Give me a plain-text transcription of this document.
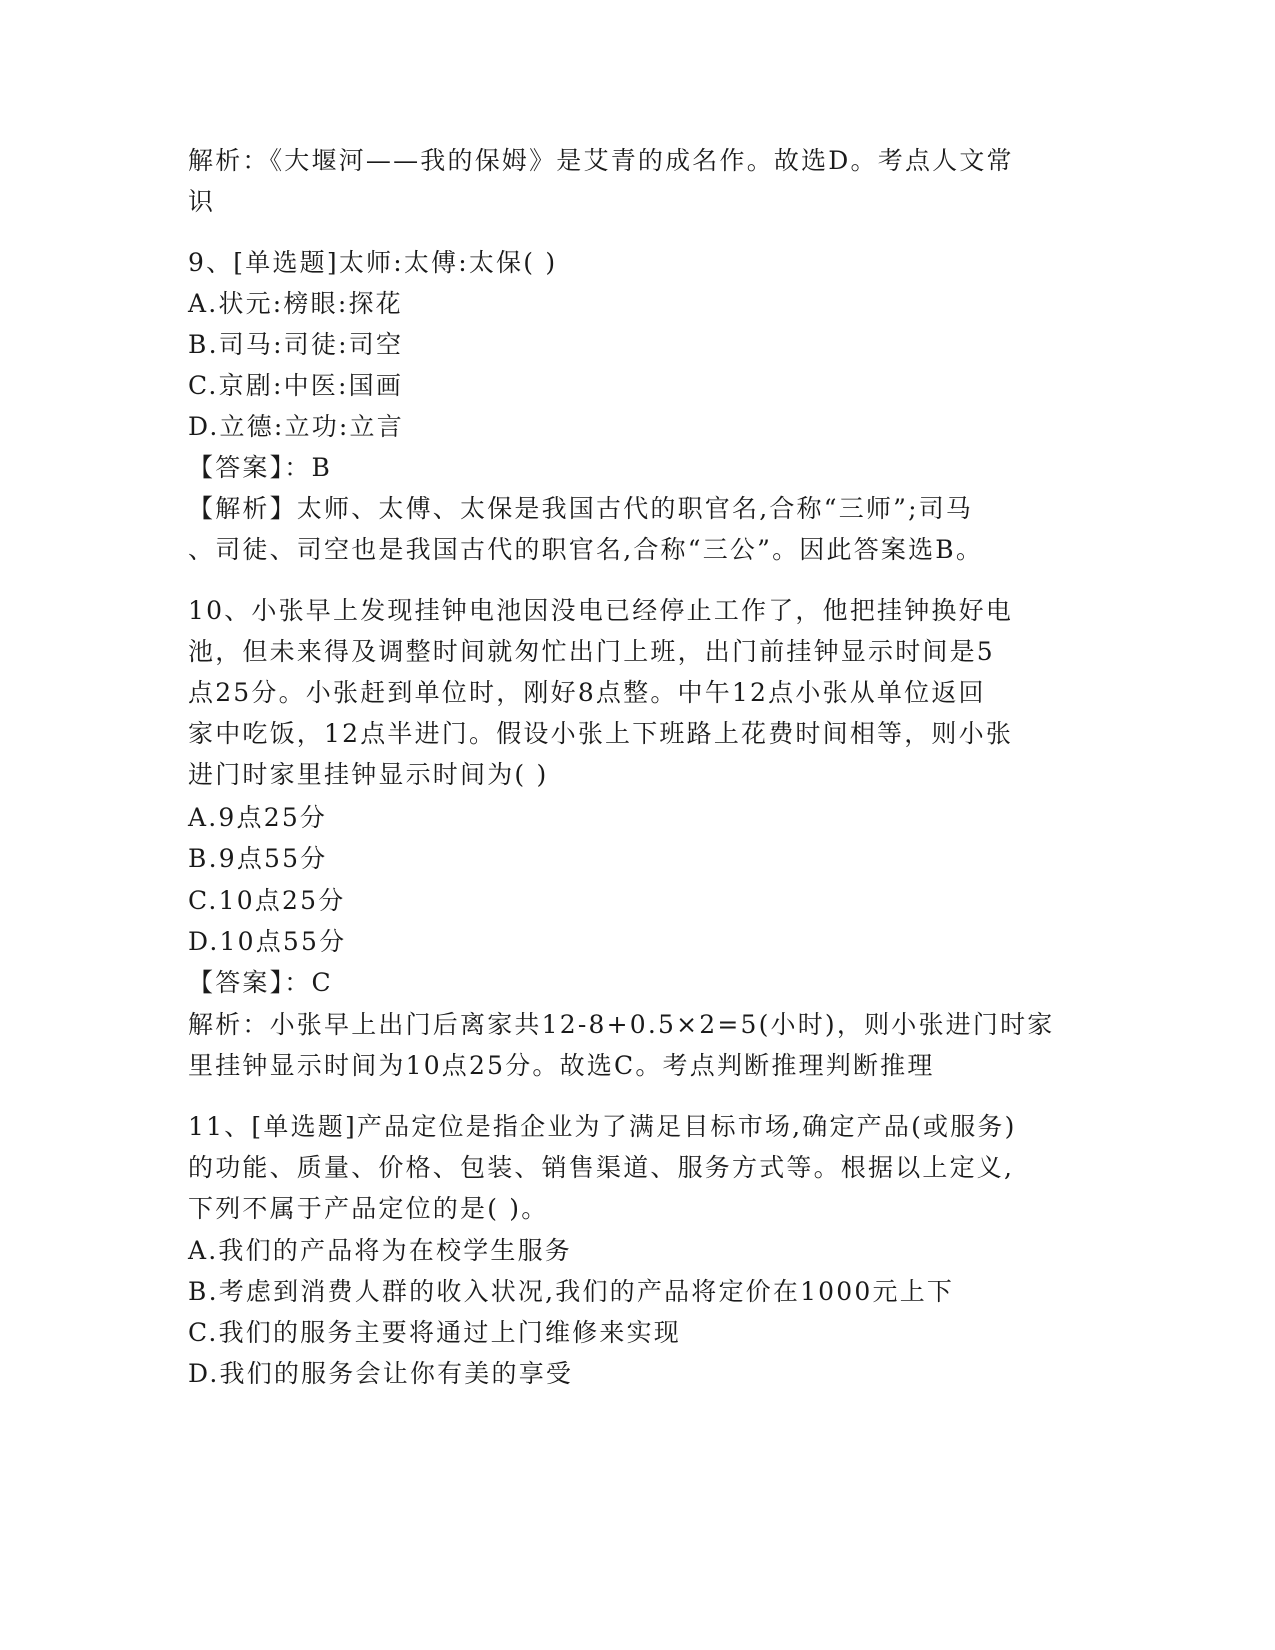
解析：《大堰河——我的保姆》是艾青的成名作。故选D。考点人文常
识
9、[单选题]太师:太傅:太保( )
A.状元:榜眼:探花
B.司马:司徒:司空
C.京剧:中医:国画
D.立德:立功:立言
【答案】：B
【解析】太师、太傅、太保是我国古代的职官名,合称“三师”;司马
、司徒、司空也是我国古代的职官名,合称“三公”。因此答案选B。
10、小张早上发现挂钟电池因没电已经停止工作了，他把挂钟换好电
池，但未来得及调整时间就匆忙出门上班，出门前挂钟显示时间是5
点25分。小张赶到单位时，刚好8点整。中午12点小张从单位返回
家中吃饭，12点半进门。假设小张上下班路上花费时间相等，则小张
进门时家里挂钟显示时间为( )
A.9点25分
B.9点55分
C.10点25分
D.10点55分
【答案】：C
解析：小张早上出门后离家共12-8+0.5×2=5(小时)，则小张进门时家
里挂钟显示时间为10点25分。故选C。考点判断推理判断推理
11、[单选题]产品定位是指企业为了满足目标市场,确定产品(或服务)
的功能、质量、价格、包装、销售渠道、服务方式等。根据以上定义,
下列不属于产品定位的是( )。
A.我们的产品将为在校学生服务
B.考虑到消费人群的收入状况,我们的产品将定价在1000元上下
C.我们的服务主要将通过上门维修来实现
D.我们的服务会让你有美的享受
